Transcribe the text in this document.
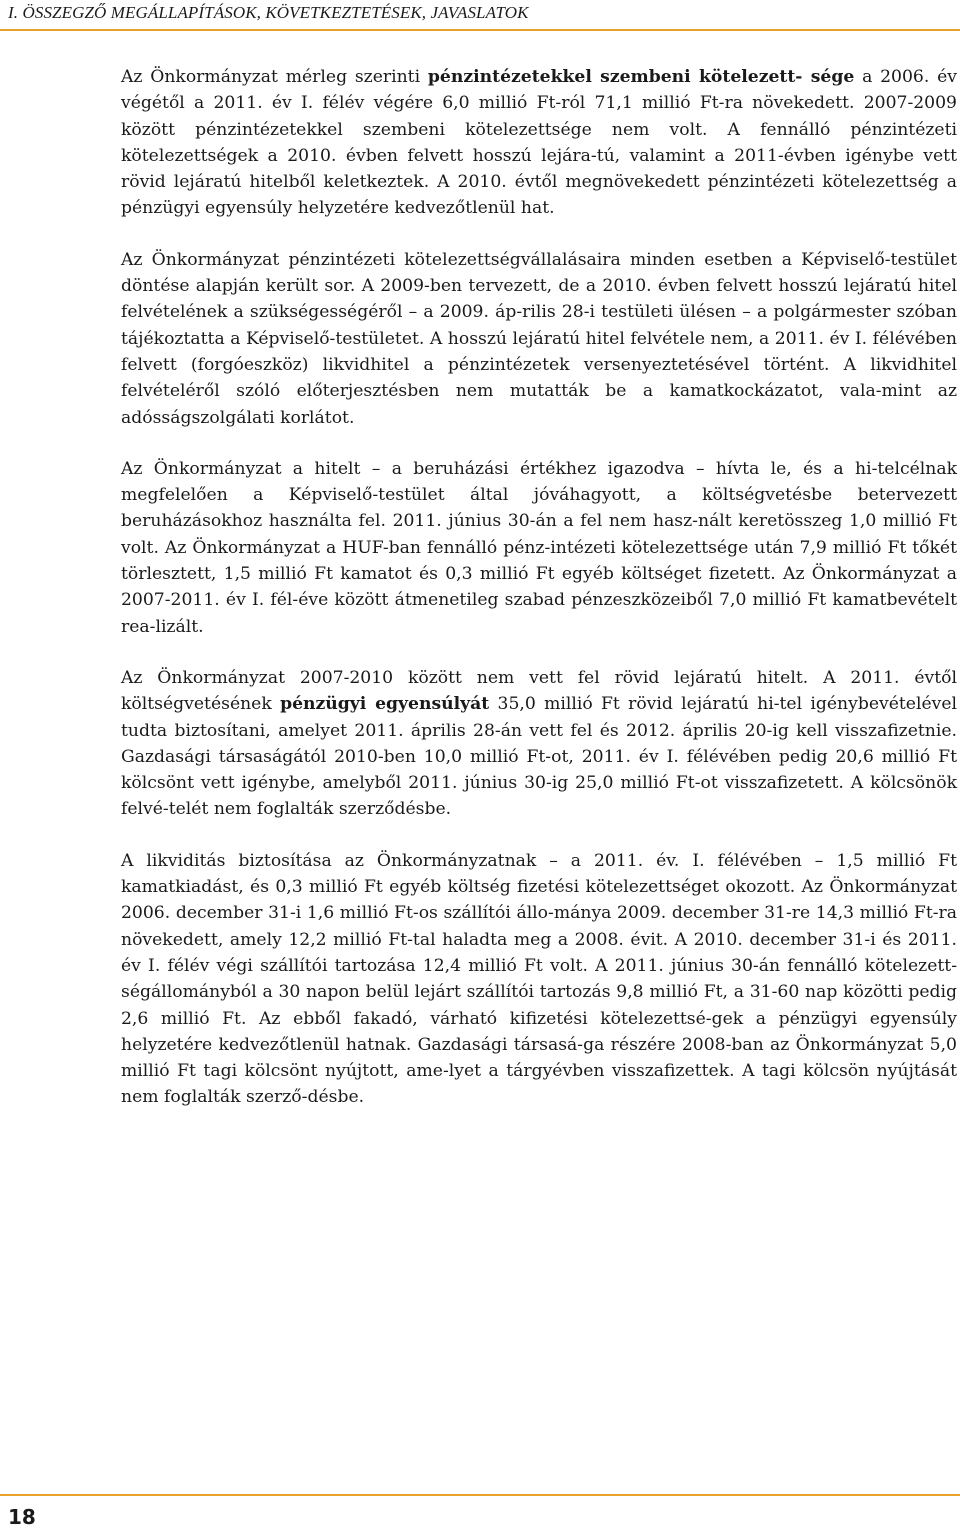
I. ÖSSZEGZŐ MEGÁLLAPÍTÁSOK, KÖVETKEZTETÉSEK, JAVASLATOK

Az Önkormányzat mérleg szerinti pénzintézetekkel szembeni kötelezett- sége a 2006. év végétől a 2011. év I. félév végére 6,0 millió Ft-ról 71,1 millió Ft-ra növekedett. 2007-2009 között pénzintézetekkel szembeni kötelezettsége nem volt. A fennálló pénzintézeti kötelezettségek a 2010. évben felvett hosszú lejára-tú, valamint a 2011-évben igénybe vett rövid lejáratú hitelből keletkeztek. A 2010. évtől megnövekedett pénzintézeti kötelezettség a pénzügyi egyensúly helyzetére kedvezőtlenül hat.

Az Önkormányzat pénzintézeti kötelezettségvállalásaira minden esetben a Képviselő-testület döntése alapján került sor. A 2009-ben tervezett, de a 2010. évben felvett hosszú lejáratú hitel felvételének a szükségességéről – a 2009. áp-rilis 28-i testületi ülésen – a polgármester szóban tájékoztatta a Képviselő-testületet. A hosszú lejáratú hitel felvétele nem, a 2011. év I. félévében felvett (forgóeszköz) likvidhitel a pénzintézetek versenyeztetésével történt. A likvidhitel felvételéről szóló előterjesztésben nem mutatták be a kamatkockázatot, vala-mint az adósságszolgálati korlátot.

Az Önkormányzat a hitelt – a beruházási értékhez igazodva – hívta le, és a hi-telcélnak megfelelően a Képviselő-testület által jóváhagyott, a költségvetésbe betervezett beruházásokhoz használta fel. 2011. június 30-án a fel nem hasz-nált keretösszeg 1,0 millió Ft volt. Az Önkormányzat a HUF-ban fennálló pénz-intézeti kötelezettsége után 7,9 millió Ft tőkét törlesztett, 1,5 millió Ft kamatot és 0,3 millió Ft egyéb költséget fizetett. Az Önkormányzat a 2007-2011. év I. fél-éve között átmenetileg szabad pénzeszközeiből 7,0 millió Ft kamatbevételt rea-lizált.

Az Önkormányzat 2007-2010 között nem vett fel rövid lejáratú hitelt. A 2011. évtől költségvetésének pénzügyi egyensúlyát 35,0 millió Ft rövid lejáratú hi-tel igénybevételével tudta biztosítani, amelyet 2011. április 28-án vett fel és 2012. április 20-ig kell visszafizetnie. Gazdasági társaságától 2010-ben 10,0 millió Ft-ot, 2011. év I. félévében pedig 20,6 millió Ft kölcsönt vett igénybe, amelyből 2011. június 30-ig 25,0 millió Ft-ot visszafizetett. A kölcsönök felvé-telét nem foglalták szerződésbe.

A likviditás biztosítása az Önkormányzatnak – a 2011. év. I. félévében – 1,5 millió Ft kamatkiadást, és 0,3 millió Ft egyéb költség fizetési kötelezettséget okozott. Az Önkormányzat 2006. december 31-i 1,6 millió Ft-os szállítói állo-mánya 2009. december 31-re 14,3 millió Ft-ra növekedett, amely 12,2 millió Ft-tal haladta meg a 2008. évit. A 2010. december 31-i és 2011. év I. félév végi szállítói tartozása 12,4 millió Ft volt. A 2011. június 30-án fennálló kötelezett-ségállományból a 30 napon belül lejárt szállítói tartozás 9,8 millió Ft, a 31-60 nap közötti pedig 2,6 millió Ft. Az ebből fakadó, várható kifizetési kötelezettsé-gek a pénzügyi egyensúly helyzetére kedvezőtlenül hatnak. Gazdasági társasá-ga részére 2008-ban az Önkormányzat 5,0 millió Ft tagi kölcsönt nyújtott, ame-lyet a tárgyévben visszafizettek. A tagi kölcsön nyújtását nem foglalták szerző-désbe.

18
